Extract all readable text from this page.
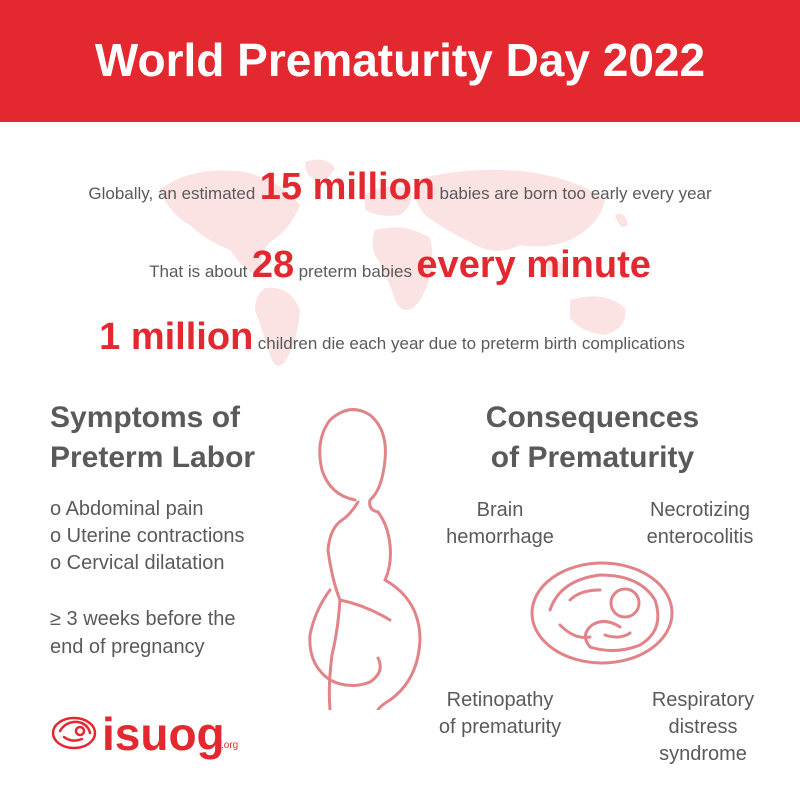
World Prematurity Day 2022
Globally, an estimated 15 million babies are born too early every year
That is about 28 preterm babies every minute
1 million children die each year due to preterm birth complications
Symptoms of
Preterm Labor
o Abdominal pain
o Uterine contractions
o Cervical dilatation
≥ 3 weeks before the
end of pregnancy
Consequences
of Prematurity
Brain
hemorrhage
Necrotizing
enterocolitis
Retinopathy
of prematurity
Respiratory
distress
syndrome
isuog
.org
